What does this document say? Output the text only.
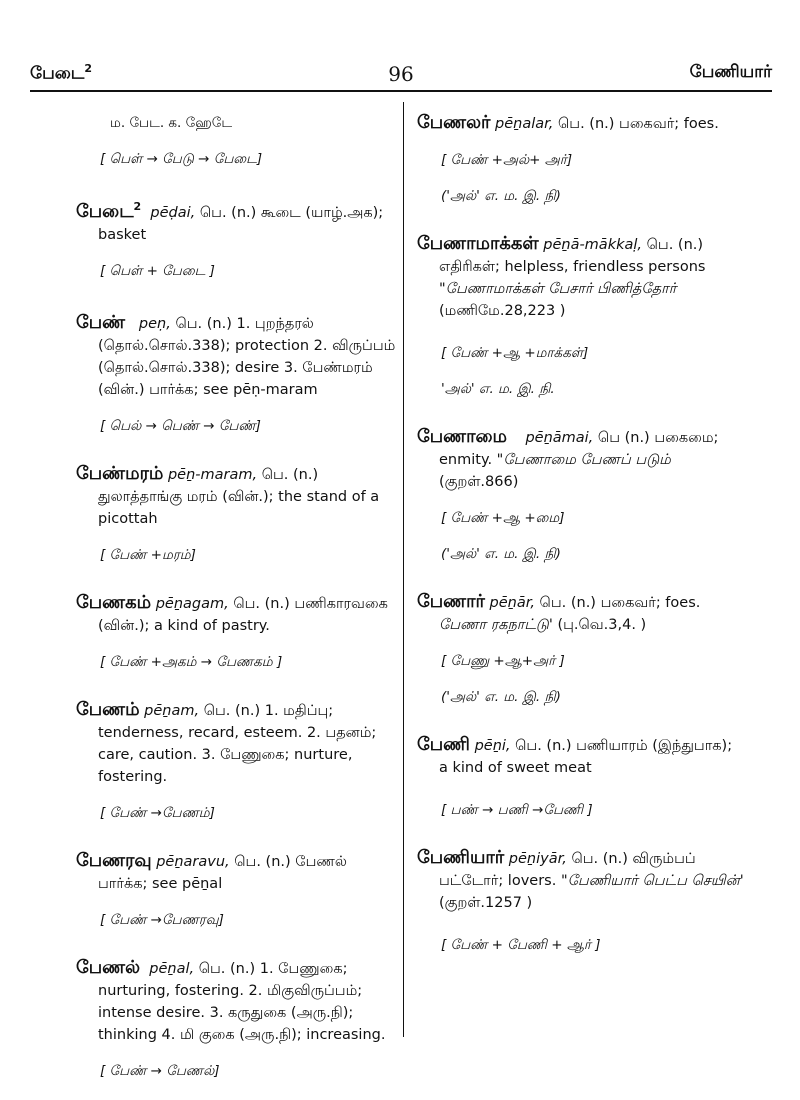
பேடை$^2$	96	பேணியார்
ம. பேட. க. ஹேடே
[ பெள் → பேடு → பேடை]
பேடை$^2$ pēḍai, பெ. (n.) கூடை (யாழ்.அக); basket
[ பெள் + பேடை ]
பேண் peṇ, பெ. (n.) 1. புறந்தரல் (தொல்.சொல்.338); protection 2. விருப்பம் (தொல்.சொல்.338); desire 3. பேண்மரம் (வின்.) பார்க்க; see pēṇ-maram
[ பெல் → பெண் → பேண்]
பேண்மரம் pēṉ-maram, பெ. (n.) துலாத்தாங்கு மரம் (வின்.); the stand of a picottah
[ பேண் +மரம்]
பேணகம் pēṉagam, பெ. (n.) பணிகாரவகை (வின்.); a kind of pastry.
[ பேண் +அகம் → பேணகம் ]
பேணம் pēṉam, பெ. (n.) 1. மதிப்பு; tenderness, recard, esteem. 2. பதனம்; care, caution. 3. பேணுகை; nurture, fostering.
[ பேண் →பேணம்]
பேணரவு pēṉaravu, பெ. (n.) பேணல் பார்க்க; see pēṉal
[ பேண் →பேணரவு]
பேணல் pēṉal, பெ. (n.) 1. பேணுகை; nurturing, fostering. 2. மிகுவிருப்பம்; intense desire. 3. கருதுகை (அரு.நி); thinking 4. மி குகை (அரு.நி); increasing.
[ பேண் → பேணல்]
பேணலர் pēṉalar, பெ. (n.) பகைவர்; foes.
[ பேண் +அல்+ அர்]
('அல்' எ. ம. இ. நி)
பேணாமாக்கள் pēṉā-mākkaḷ, பெ. (n.) எதிரிகள்; helpless, friendless persons "பேணாமாக்கள் பேசார் பிணித்தோர் (மணிமே.28,223 )
[ பேண் +ஆ +மாக்கள்]
'அல்' எ. ம. இ. நி.
பேணாமை pēṉāmai, பெ (n.) பகைமை; enmity. "பேணாமை பேணப் படும் (குறள்.866)
[ பேண் +ஆ +மை]
('அல்' எ. ம. இ. நி)
பேணார் pēṉār, பெ. (n.) பகைவர்; foes. பேணா ரகநாட்டு' (பு.வெ.3,4. )
[ பேணு +ஆ+அர் ]
('அல்' எ. ம. இ. நி)
பேணி pēṉi, பெ. (n.) பணியாரம் (இந்துபாக); a kind of sweet meat
[ பண் → பணி →பேணி ]
பேணியார் pēṉiyār, பெ. (n.) விரும்பப் பட்டோர்; lovers. "பேணியார் பெட்ப செயின்' (குறள்.1257 )
[ பேண் + பேணி + ஆர் ]
